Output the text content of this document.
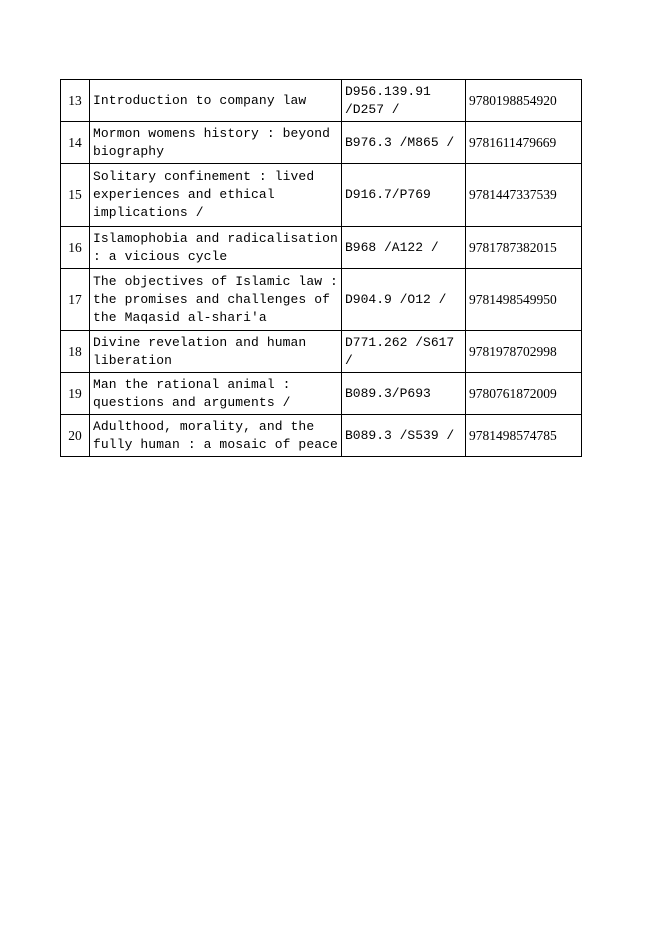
13	Introduction to company law	D956.139.91 /D257 /	9780198854920
14	Mormon womens history : beyond biography	B976.3 /M865 /	9781611479669
15	Solitary confinement : lived experiences and ethical implications /	D916.7/P769	9781447337539
16	Islamophobia and radicalisation : a vicious cycle	B968 /A122 /	9781787382015
17	The objectives of Islamic law : the promises and challenges of the Maqasid al-shari'a	D904.9 /O12 /	9781498549950
18	Divine revelation and human liberation	D771.262 /S617 /	9781978702998
19	Man the rational animal : questions and arguments /	B089.3/P693	9780761872009
20	Adulthood, morality, and the fully human : a mosaic of peace	B089.3 /S539 /	9781498574785
